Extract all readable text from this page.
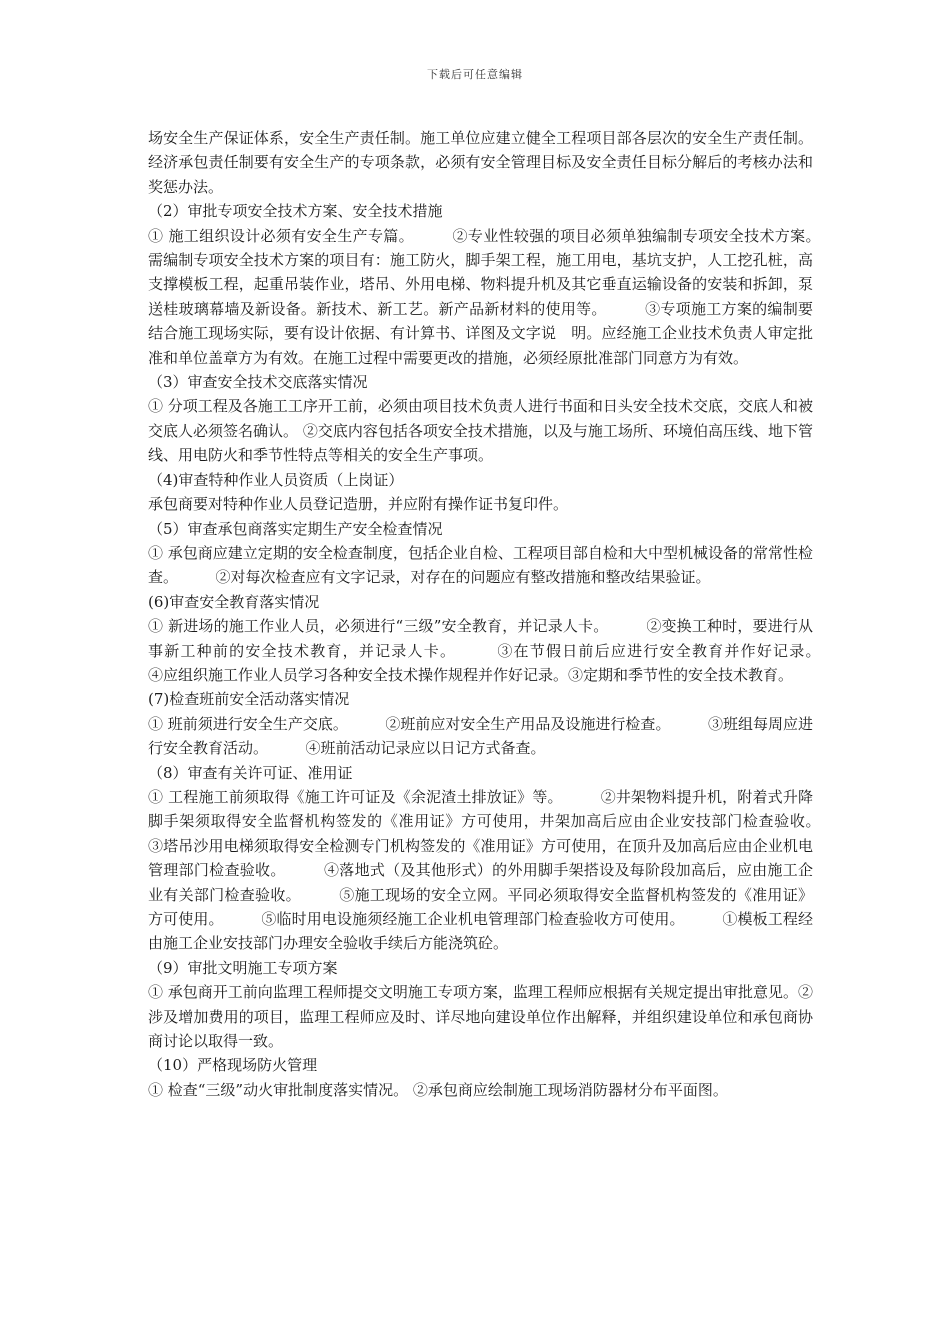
下载后可任意编辑

场安全生产保证体系，安全生产责任制。施工单位应建立健全工程项目部各层次的安全生产责任制。经济承包责任制要有安全生产的专项条款，必须有安全管理目标及安全责任目标分解后的考核办法和奖惩办法。

（2）审批专项安全技术方案、安全技术措施

① 施工组织设计必须有安全生产专篇。　　　②专业性较强的项目必须单独编制专项安全技术方案。　　　需编制专项安全技术方案的项目有：施工防火，脚手架工程，施工用电，基坑支护，人工挖孔桩，高支撑模板工程，起重吊装作业，塔吊、外用电梯、物料提升机及其它垂直运输设备的安装和拆卸，泵送桂玻璃幕墙及新设备。新技术、新工艺。新产品新材料的使用等。　　　③专项施工方案的编制要结合施工现场实际，要有设计依据、有计算书、详图及文字说　明。应经施工企业技术负责人审定批准和单位盖章方为有效。在施工过程中需要更改的措施，必须经原批准部门同意方为有效。

（3）审查安全技术交底落实情况

① 分项工程及各施工工序开工前，必须由项目技术负责人进行书面和日头安全技术交底，交底人和被交底人必须签名确认。 ②交底内容包括各项安全技术措施，以及与施工场所、环境伯高压线、地下管线、用电防火和季节性特点等相关的安全生产事项。

（4)审查特种作业人员资质（上岗证）

承包商要对特种作业人员登记造册，并应附有操作证书复印件。

（5）审查承包商落实定期生产安全检查情况

① 承包商应建立定期的安全检查制度，包括企业自检、工程项目部自检和大中型机械设备的常常性检查。　　　②对每次检查应有文字记录，对存在的问题应有整改措施和整改结果验证。

(6)审查安全教育落实情况

① 新进场的施工作业人员，必须进行“三级”安全教育，并记录人卡。　　　②变换工种时，要进行从事新工种前的安全技术教育，并记录人卡。　　　③在节假日前后应进行安全教育并作好记录。　　　④应组织施工作业人员学习各种安全技术操作规程并作好记录。③定期和季节性的安全技术教育。

(7)检查班前安全活动落实情况

① 班前须进行安全生产交底。　　　②班前应对安全生产用品及设施进行检查。　　　③班组每周应进行安全教育活动。　　　④班前活动记录应以日记方式备查。

（8）审查有关许可证、准用证

① 工程施工前须取得《施工许可证及《余泥渣土排放证》等。　　　②井架物料提升机，附着式升降脚手架须取得安全监督机构签发的《准用证》方可使用，井架加高后应由企业安技部门检查验收。　　　③塔吊沙用电梯须取得安全检测专门机构签发的《准用证》方可使用，在顶升及加高后应由企业机电管理部门检查验收。　　　④落地式（及其他形式）的外用脚手架搭设及每阶段加高后，应由施工企业有关部门检查验收。　　　⑤施工现场的安全立网。平同必须取得安全监督机构签发的《准用证》方可使用。　　　⑤临时用电设施须经施工企业机电管理部门检查验收方可使用。　　　①模板工程经由施工企业安技部门办理安全验收手续后方能浇筑砼。

（9）审批文明施工专项方案

① 承包商开工前向监理工程师提交文明施工专项方案，监理工程师应根据有关规定提出审批意见。②涉及增加费用的项目，监理工程师应及时、详尽地向建设单位作出解释，并组织建设单位和承包商协商讨论以取得一致。

（10）严格现场防火管理

① 检查“三级”动火审批制度落实情况。 ②承包商应绘制施工现场消防器材分布平面图。
